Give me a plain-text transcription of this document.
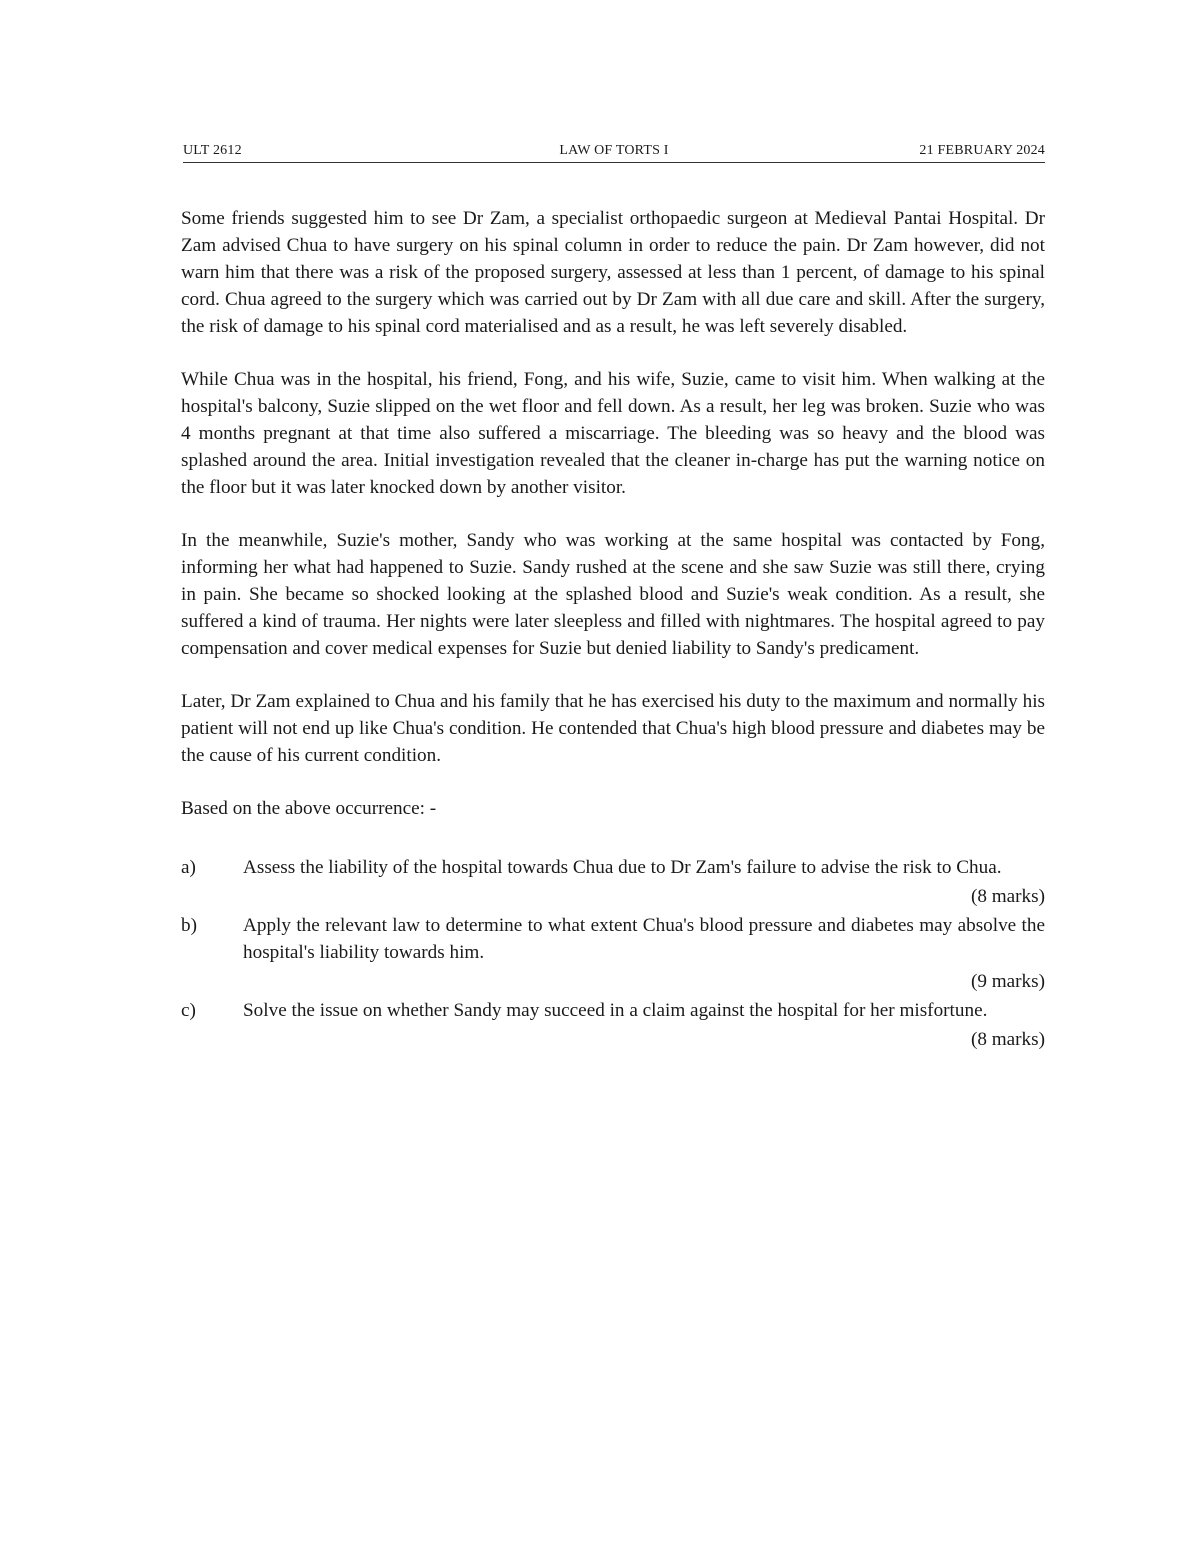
ULT 2612	LAW OF TORTS I	21 FEBRUARY 2024

Some friends suggested him to see Dr Zam, a specialist orthopaedic surgeon at Medieval Pantai Hospital. Dr Zam advised Chua to have surgery on his spinal column in order to reduce the pain. Dr Zam however, did not warn him that there was a risk of the proposed surgery, assessed at less than 1 percent, of damage to his spinal cord. Chua agreed to the surgery which was carried out by Dr Zam with all due care and skill. After the surgery, the risk of damage to his spinal cord materialised and as a result, he was left severely disabled.

While Chua was in the hospital, his friend, Fong, and his wife, Suzie, came to visit him. When walking at the hospital's balcony, Suzie slipped on the wet floor and fell down. As a result, her leg was broken. Suzie who was 4 months pregnant at that time also suffered a miscarriage. The bleeding was so heavy and the blood was splashed around the area. Initial investigation revealed that the cleaner in-charge has put the warning notice on the floor but it was later knocked down by another visitor.

In the meanwhile, Suzie's mother, Sandy who was working at the same hospital was contacted by Fong, informing her what had happened to Suzie. Sandy rushed at the scene and she saw Suzie was still there, crying in pain. She became so shocked looking at the splashed blood and Suzie's weak condition. As a result, she suffered a kind of trauma. Her nights were later sleepless and filled with nightmares. The hospital agreed to pay compensation and cover medical expenses for Suzie but denied liability to Sandy's predicament.

Later, Dr Zam explained to Chua and his family that he has exercised his duty to the maximum and normally his patient will not end up like Chua's condition. He contended that Chua's high blood pressure and diabetes may be the cause of his current condition.

Based on the above occurrence: -

a)	Assess the liability of the hospital towards Chua due to Dr Zam's failure to advise the risk to Chua.
(8 marks)
b)	Apply the relevant law to determine to what extent Chua's blood pressure and diabetes may absolve the hospital's liability towards him.
(9 marks)
c)	Solve the issue on whether Sandy may succeed in a claim against the hospital for her misfortune.
(8 marks)
